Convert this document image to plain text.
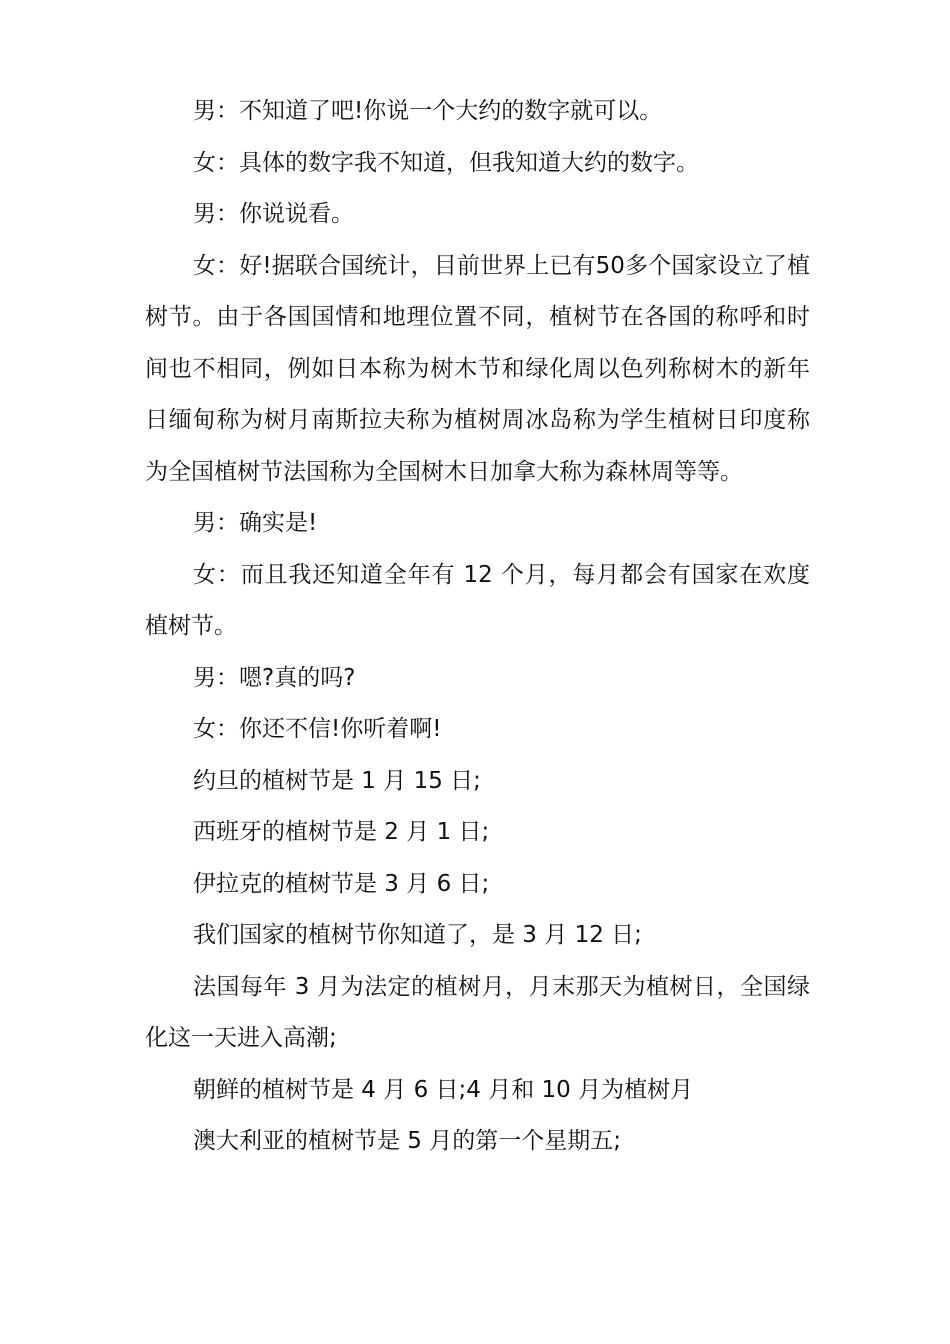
男：不知道了吧!你说一个大约的数字就可以。

女：具体的数字我不知道，但我知道大约的数字。

男：你说说看。

女：好!据联合国统计，目前世界上已有50多个国家设立了植树节。由于各国国情和地理位置不同，植树节在各国的称呼和时间也不相同，例如日本称为树木节和绿化周以色列称树木的新年日缅甸称为树月南斯拉夫称为植树周冰岛称为学生植树日印度称为全国植树节法国称为全国树木日加拿大称为森林周等等。

男：确实是!

女：而且我还知道全年有 12 个月，每月都会有国家在欢度植树节。

男：嗯?真的吗?

女：你还不信!你听着啊!

约旦的植树节是 1 月 15 日;

西班牙的植树节是 2 月 1 日;

伊拉克的植树节是 3 月 6 日;

我们国家的植树节你知道了，是 3 月 12 日;

法国每年 3 月为法定的植树月，月末那天为植树日，全国绿化这一天进入高潮;

朝鲜的植树节是 4 月 6 日;4 月和 10 月为植树月

澳大利亚的植树节是 5 月的第一个星期五;
